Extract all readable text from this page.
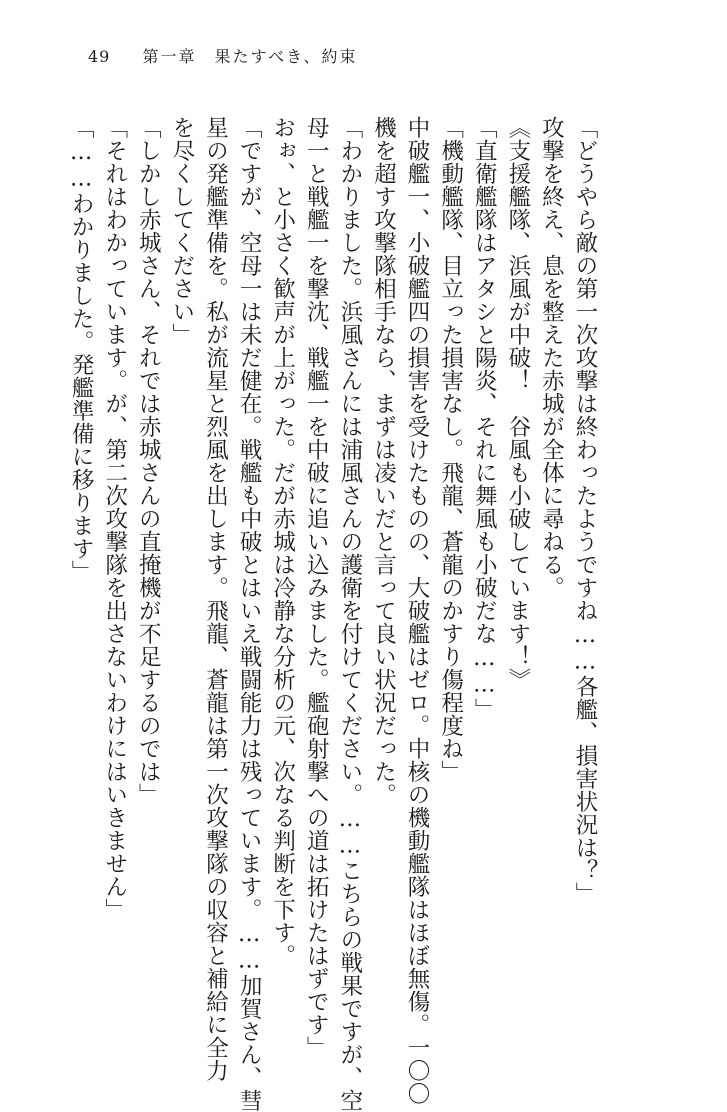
49 第一章　果たすべき、約束

「どうやら敵の第一次攻撃は終わったようですね……各艦、損害状況は？」

攻撃を終え、息を整えた赤城が全体に尋ねる。

《支援艦隊、浜風が中破！　谷風も小破しています！》

「直衛艦隊はアタシと陽炎、それに舞風も小破だな……」

「機動艦隊、目立った損害なし。飛龍、蒼龍のかすり傷程度ね」

中破艦一、小破艦四の損害を受けたものの、大破艦はゼロ。中核の機動艦隊はほぼ無傷。一〇〇

機を超す攻撃隊相手なら、まずは凌いだと言って良い状況だった。

「わかりました。浜風さんには浦風さんの護衛を付けてください。……こちらの戦果ですが、空

母一と戦艦一を撃沈、戦艦一を中破に追い込みました。艦砲射撃への道は拓けたはずです」

おぉ、と小さく歓声が上がった。だが赤城は冷静な分析の元、次なる判断を下す。

「ですが、空母一は未だ健在。戦艦も中破とはいえ戦闘能力は残っています。……加賀さん、彗

星の発艦準備を。私が流星と烈風を出します。飛龍、蒼龍は第一次攻撃隊の収容と補給に全力

を尽くしてください」

「しかし赤城さん、それでは赤城さんの直掩機が不足するのでは」

「それはわかっています。が、第二次攻撃隊を出さないわけにはいきません」

「……わかりました。発艦準備に移ります」
